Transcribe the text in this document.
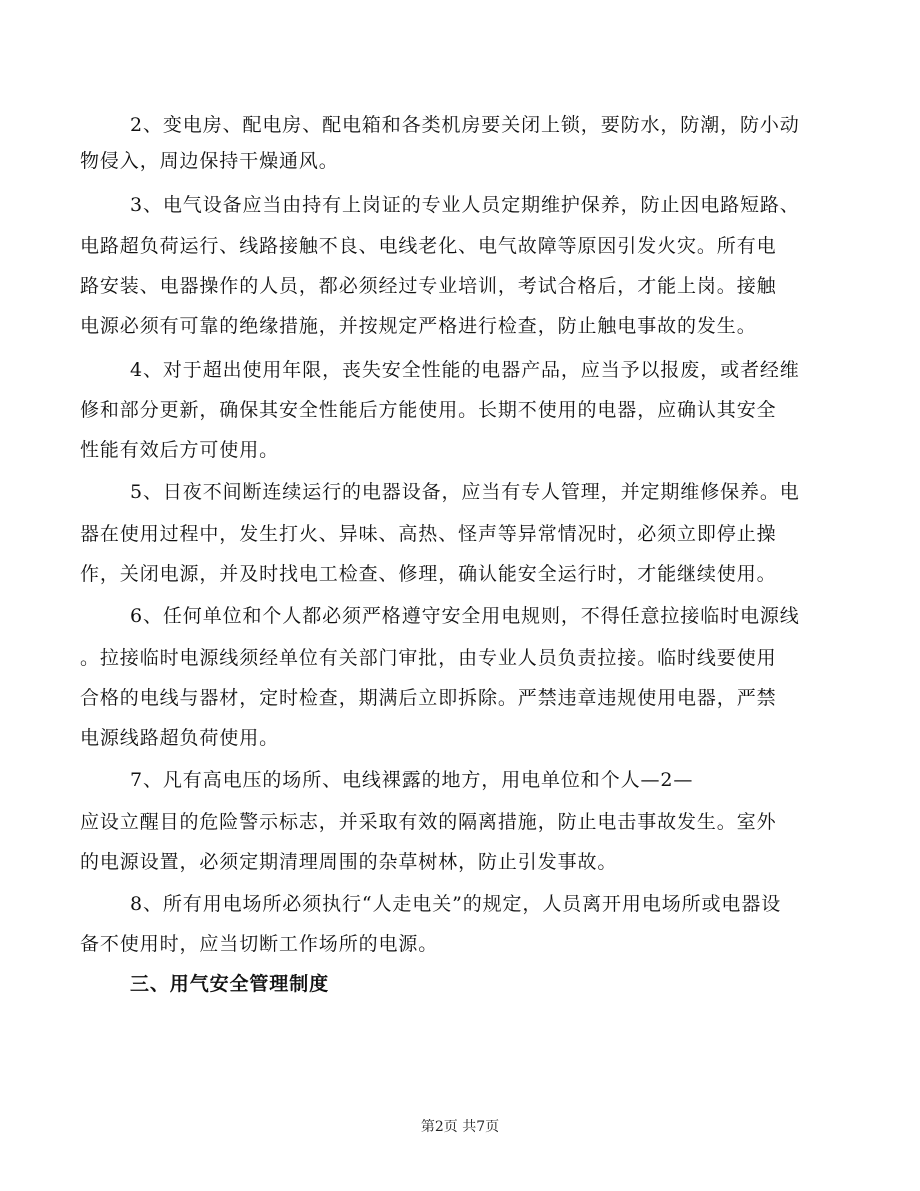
2、变电房、配电房、配电箱和各类机房要关闭上锁，要防水，防潮，防小动
物侵入，周边保持干燥通风。
3、电气设备应当由持有上岗证的专业人员定期维护保养，防止因电路短路、
电路超负荷运行、线路接触不良、电线老化、电气故障等原因引发火灾。所有电
路安装、电器操作的人员，都必须经过专业培训，考试合格后，才能上岗。接触
电源必须有可靠的绝缘措施，并按规定严格进行检查，防止触电事故的发生。
4、对于超出使用年限，丧失安全性能的电器产品，应当予以报废，或者经维
修和部分更新，确保其安全性能后方能使用。长期不使用的电器，应确认其安全
性能有效后方可使用。
5、日夜不间断连续运行的电器设备，应当有专人管理，并定期维修保养。电
器在使用过程中，发生打火、异味、高热、怪声等异常情况时，必须立即停止操
作，关闭电源，并及时找电工检查、修理，确认能安全运行时，才能继续使用。
6、任何单位和个人都必须严格遵守安全用电规则，不得任意拉接临时电源线
。拉接临时电源线须经单位有关部门审批，由专业人员负责拉接。临时线要使用
合格的电线与器材，定时检查，期满后立即拆除。严禁违章违规使用电器，严禁
电源线路超负荷使用。
7、凡有高电压的场所、电线裸露的地方，用电单位和个人—2—
应设立醒目的危险警示标志，并采取有效的隔离措施，防止电击事故发生。室外
的电源设置，必须定期清理周围的杂草树林，防止引发事故。
8、所有用电场所必须执行“人走电关”的规定，人员离开用电场所或电器设
备不使用时，应当切断工作场所的电源。
三、用气安全管理制度
第2页 共7页
